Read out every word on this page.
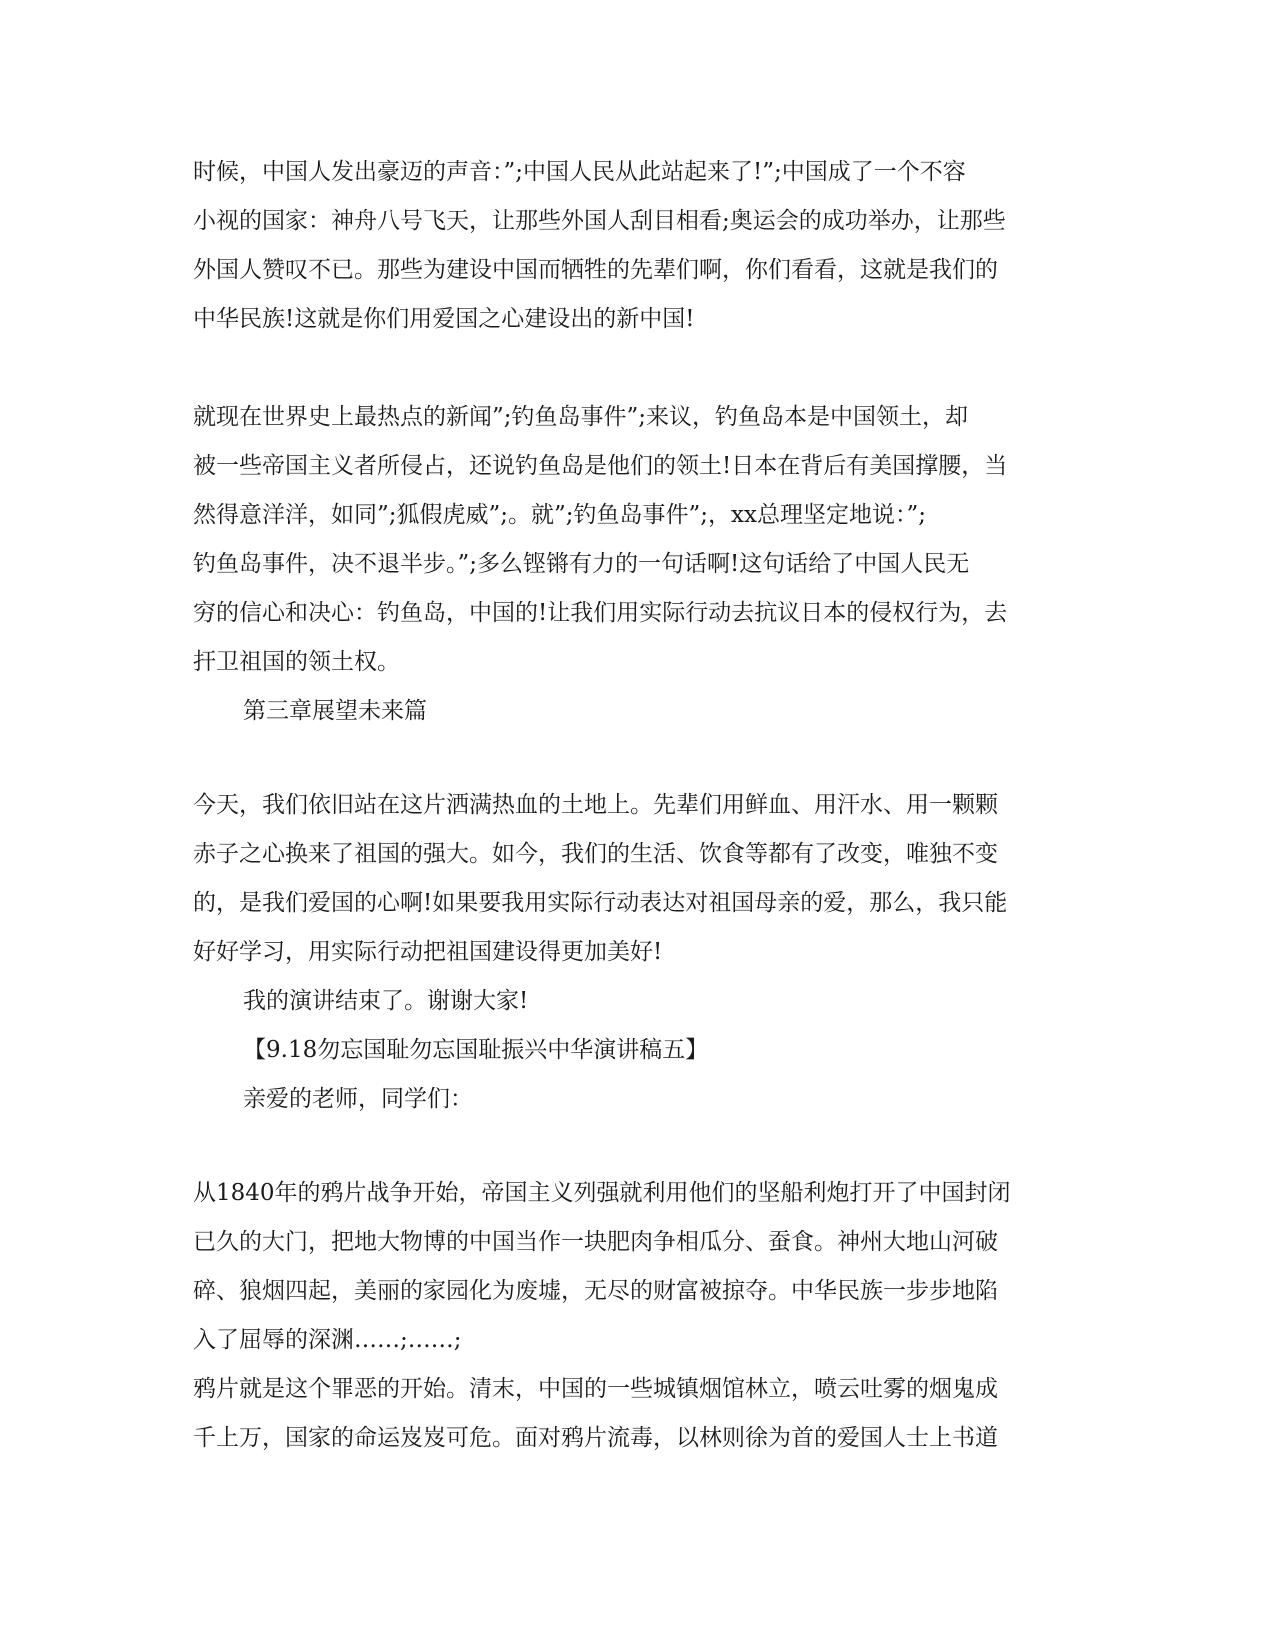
时候，中国人发出豪迈的声音：”;中国人民从此站起来了!”;中国成了一个不容
小视的国家：神舟八号飞天，让那些外国人刮目相看;奥运会的成功举办，让那些
外国人赞叹不已。那些为建设中国而牺牲的先辈们啊，你们看看，这就是我们的
中华民族!这就是你们用爱国之心建设出的新中国!
就现在世界史上最热点的新闻”;钓鱼岛事件”;来议，钓鱼岛本是中国领土，却
被一些帝国主义者所侵占，还说钓鱼岛是他们的领土!日本在背后有美国撑腰，当
然得意洋洋，如同”;狐假虎威”;。就”;钓鱼岛事件”;，xx总理坚定地说：”;
钓鱼岛事件，决不退半步。”;多么铿锵有力的一句话啊!这句话给了中国人民无
穷的信心和决心：钓鱼岛，中国的!让我们用实际行动去抗议日本的侵权行为，去
扞卫祖国的领土权。
第三章展望未来篇
今天，我们依旧站在这片洒满热血的土地上。先辈们用鲜血、用汗水、用一颗颗
赤子之心换来了祖国的强大。如今，我们的生活、饮食等都有了改变，唯独不变
的，是我们爱国的心啊!如果要我用实际行动表达对祖国母亲的爱，那么，我只能
好好学习，用实际行动把祖国建设得更加美好!
我的演讲结束了。谢谢大家!
【9.18勿忘国耻勿忘国耻振兴中华演讲稿五】
亲爱的老师，同学们：
从1840年的鸦片战争开始，帝国主义列强就利用他们的坚船利炮打开了中国封闭
已久的大门，把地大物博的中国当作一块肥肉争相瓜分、蚕食。神州大地山河破
碎、狼烟四起，美丽的家园化为废墟，无尽的财富被掠夺。中华民族一步步地陷
入了屈辱的深渊……;……;
鸦片就是这个罪恶的开始。清末，中国的一些城镇烟馆林立，喷云吐雾的烟鬼成
千上万，国家的命运岌岌可危。面对鸦片流毒，以林则徐为首的爱国人士上书道
